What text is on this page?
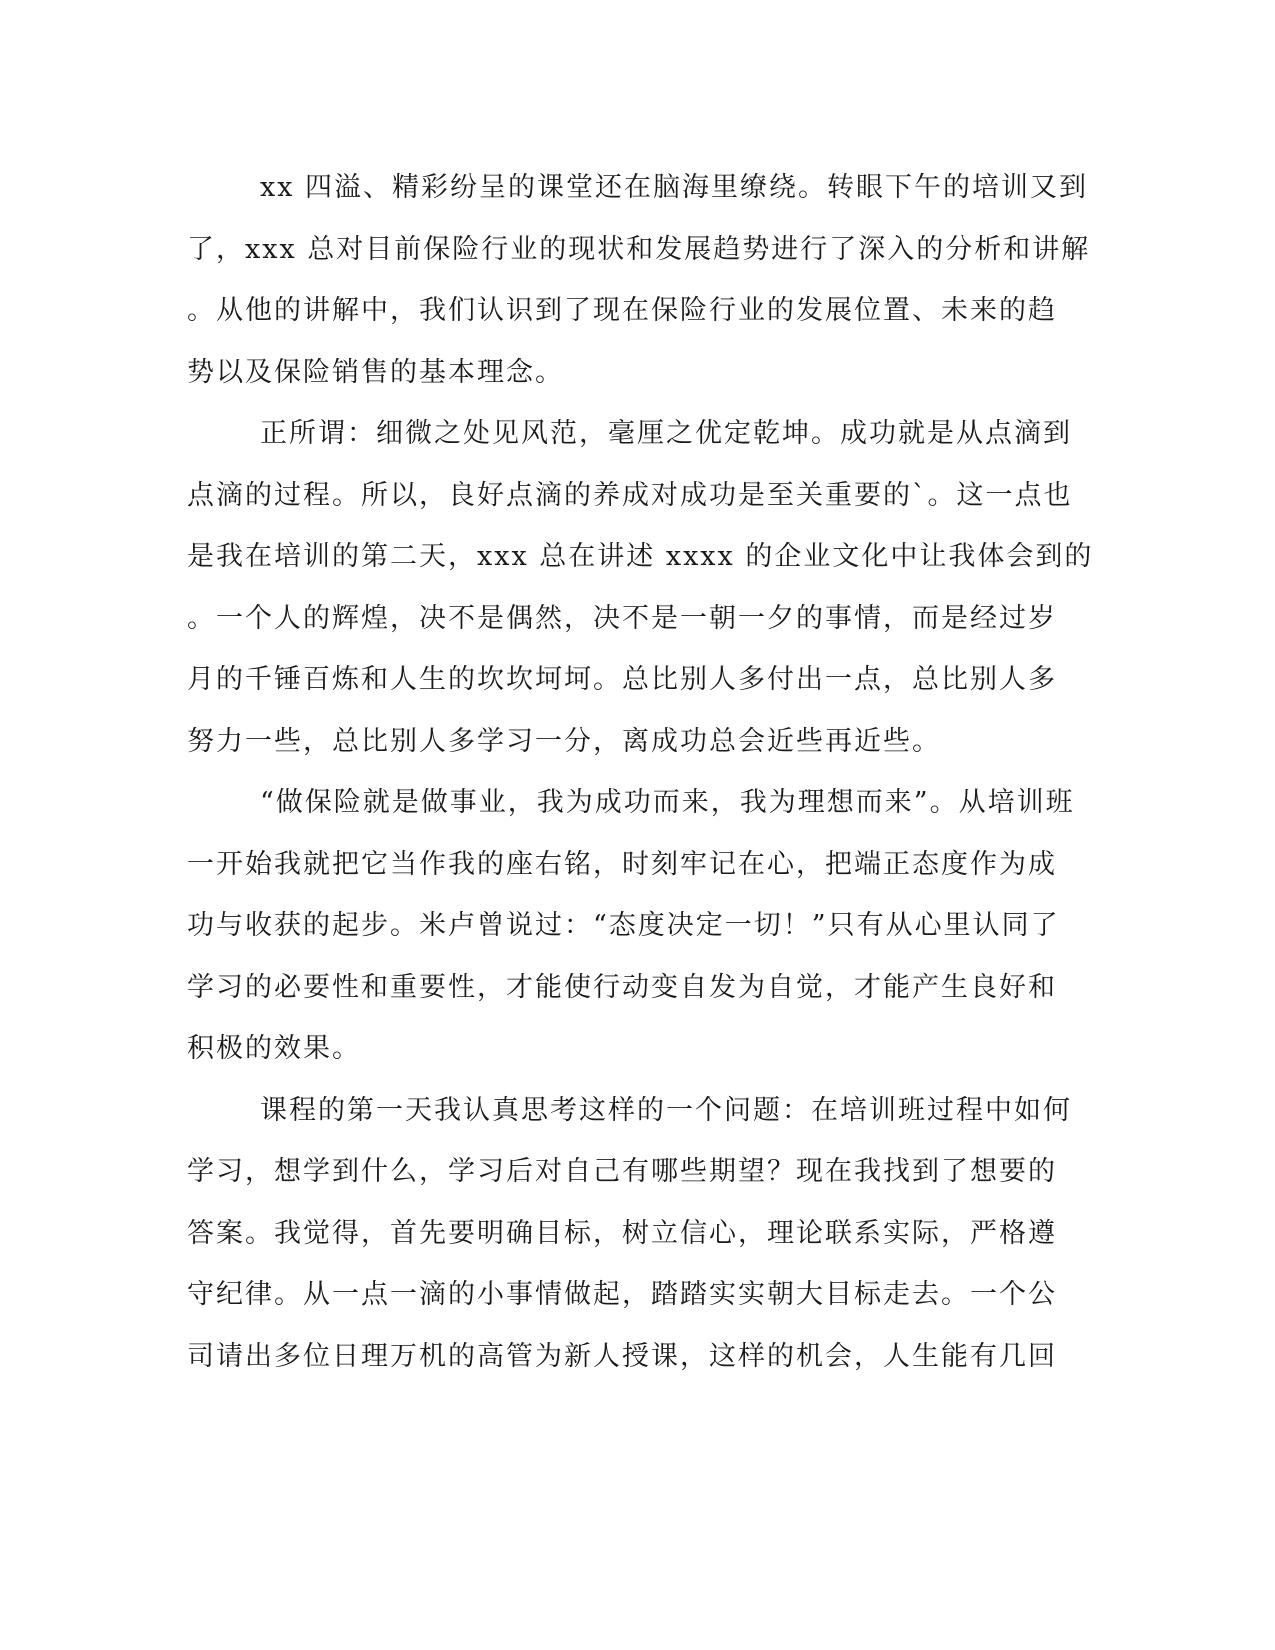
xx 四溢、精彩纷呈的课堂还在脑海里缭绕。转眼下午的培训又到
了，xxx 总对目前保险行业的现状和发展趋势进行了深入的分析和讲解
。从他的讲解中，我们认识到了现在保险行业的发展位置、未来的趋
势以及保险销售的基本理念。
正所谓：细微之处见风范，毫厘之优定乾坤。成功就是从点滴到
点滴的过程。所以，良好点滴的养成对成功是至关重要的`。这一点也
是我在培训的第二天，xxx 总在讲述 xxxx 的企业文化中让我体会到的
。一个人的辉煌，决不是偶然，决不是一朝一夕的事情，而是经过岁
月的千锤百炼和人生的坎坎坷坷。总比别人多付出一点，总比别人多
努力一些，总比别人多学习一分，离成功总会近些再近些。
“做保险就是做事业，我为成功而来，我为理想而来”。从培训班
一开始我就把它当作我的座右铭，时刻牢记在心，把端正态度作为成
功与收获的起步。米卢曾说过：“态度决定一切！”只有从心里认同了
学习的必要性和重要性，才能使行动变自发为自觉，才能产生良好和
积极的效果。
课程的第一天我认真思考这样的一个问题：在培训班过程中如何
学习，想学到什么，学习后对自己有哪些期望？现在我找到了想要的
答案。我觉得，首先要明确目标，树立信心，理论联系实际，严格遵
守纪律。从一点一滴的小事情做起，踏踏实实朝大目标走去。一个公
司请出多位日理万机的高管为新人授课，这样的机会，人生能有几回
